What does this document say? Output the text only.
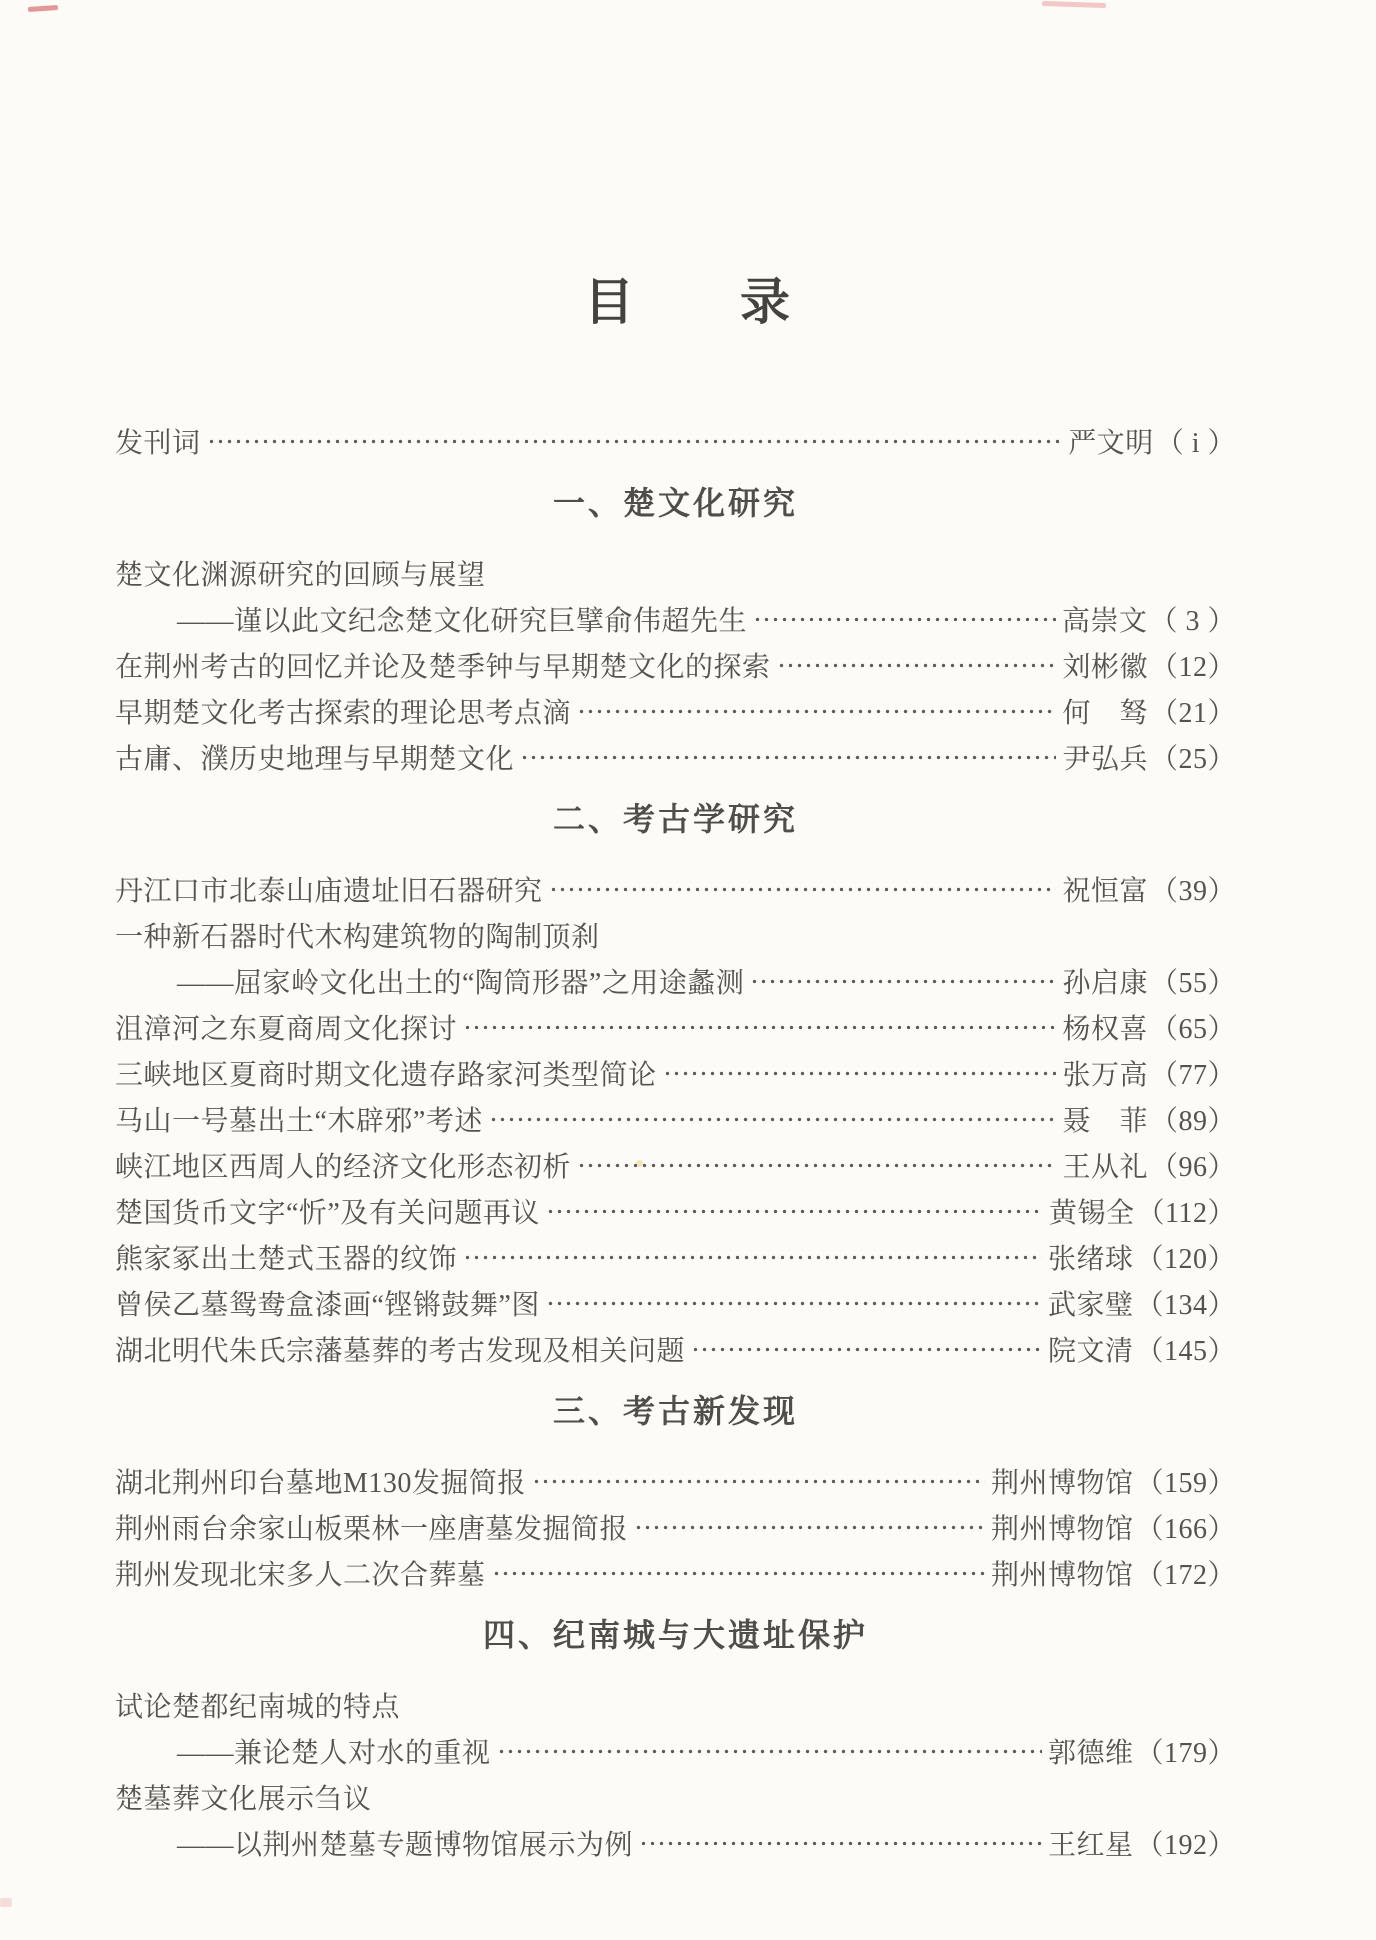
目　　录
发刊词	严文明（ i ）
一、楚文化研究
楚文化渊源研究的回顾与展望
——谨以此文纪念楚文化研究巨擘俞伟超先生	高崇文（ 3 ）
在荆州考古的回忆并论及楚季钟与早期楚文化的探索	刘彬徽（12）
早期楚文化考古探索的理论思考点滴	何　驽（21）
古庸、濮历史地理与早期楚文化	尹弘兵（25）
二、考古学研究
丹江口市北泰山庙遗址旧石器研究	祝恒富（39）
一种新石器时代木构建筑物的陶制顶刹
——屈家岭文化出土的“陶筒形器”之用途蠡测	孙启康（55）
沮漳河之东夏商周文化探讨	杨权喜（65）
三峡地区夏商时期文化遗存路家河类型简论	张万高（77）
马山一号墓出土“木辟邪”考述	聂　菲（89）
峡江地区西周人的经济文化形态初析	王从礼（96）
楚国货币文字“忻”及有关问题再议	黄锡全（112）
熊家冢出土楚式玉器的纹饰	张绪球（120）
曾侯乙墓鸳鸯盒漆画“铿锵鼓舞”图	武家璧（134）
湖北明代朱氏宗藩墓葬的考古发现及相关问题	院文清（145）
三、考古新发现
湖北荆州印台墓地M130发掘简报	荆州博物馆（159）
荆州雨台余家山板栗林一座唐墓发掘简报	荆州博物馆（166）
荆州发现北宋多人二次合葬墓	荆州博物馆（172）
四、纪南城与大遗址保护
试论楚都纪南城的特点
——兼论楚人对水的重视	郭德维（179）
楚墓葬文化展示刍议
——以荆州楚墓专题博物馆展示为例	王红星（192）
